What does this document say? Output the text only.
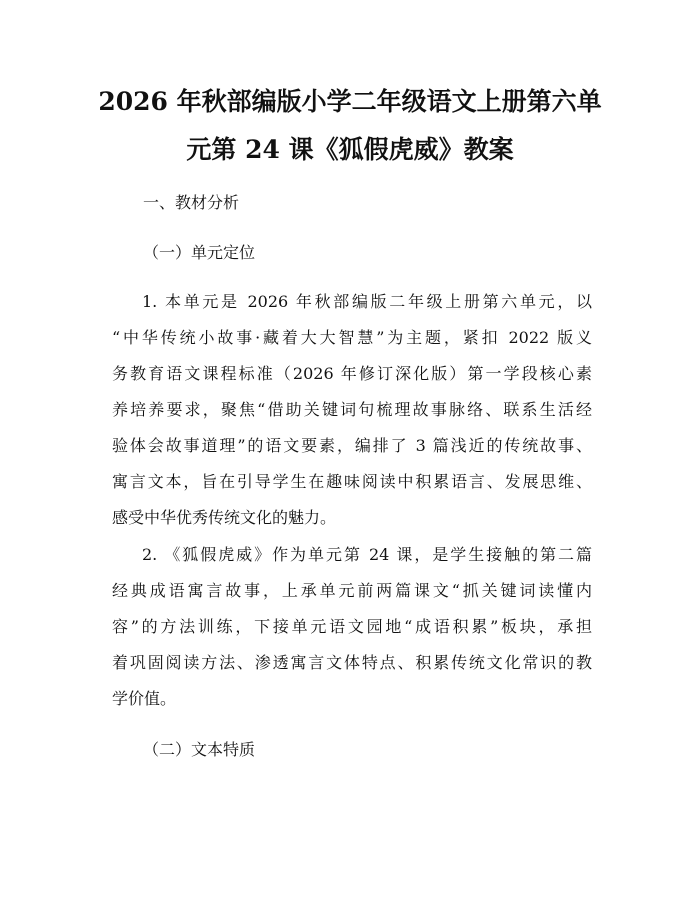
2026 年秋部编版小学二年级语文上册第六单
元第 24 课《狐假虎威》教案
一、教材分析
（一）单元定位
1. 本单元是 2026 年秋部编版二年级上册第六单元，以
“中华传统小故事·藏着大大智慧”为主题，紧扣 2022 版义
务教育语文课程标准（2026 年修订深化版）第一学段核心素
养培养要求，聚焦“借助关键词句梳理故事脉络、联系生活经
验体会故事道理”的语文要素，编排了 3 篇浅近的传统故事、
寓言文本，旨在引导学生在趣味阅读中积累语言、发展思维、
感受中华优秀传统文化的魅力。
2. 《狐假虎威》作为单元第 24 课，是学生接触的第二篇
经典成语寓言故事，上承单元前两篇课文“抓关键词读懂内
容”的方法训练，下接单元语文园地“成语积累”板块，承担
着巩固阅读方法、渗透寓言文体特点、积累传统文化常识的教
学价值。
（二）文本特质
